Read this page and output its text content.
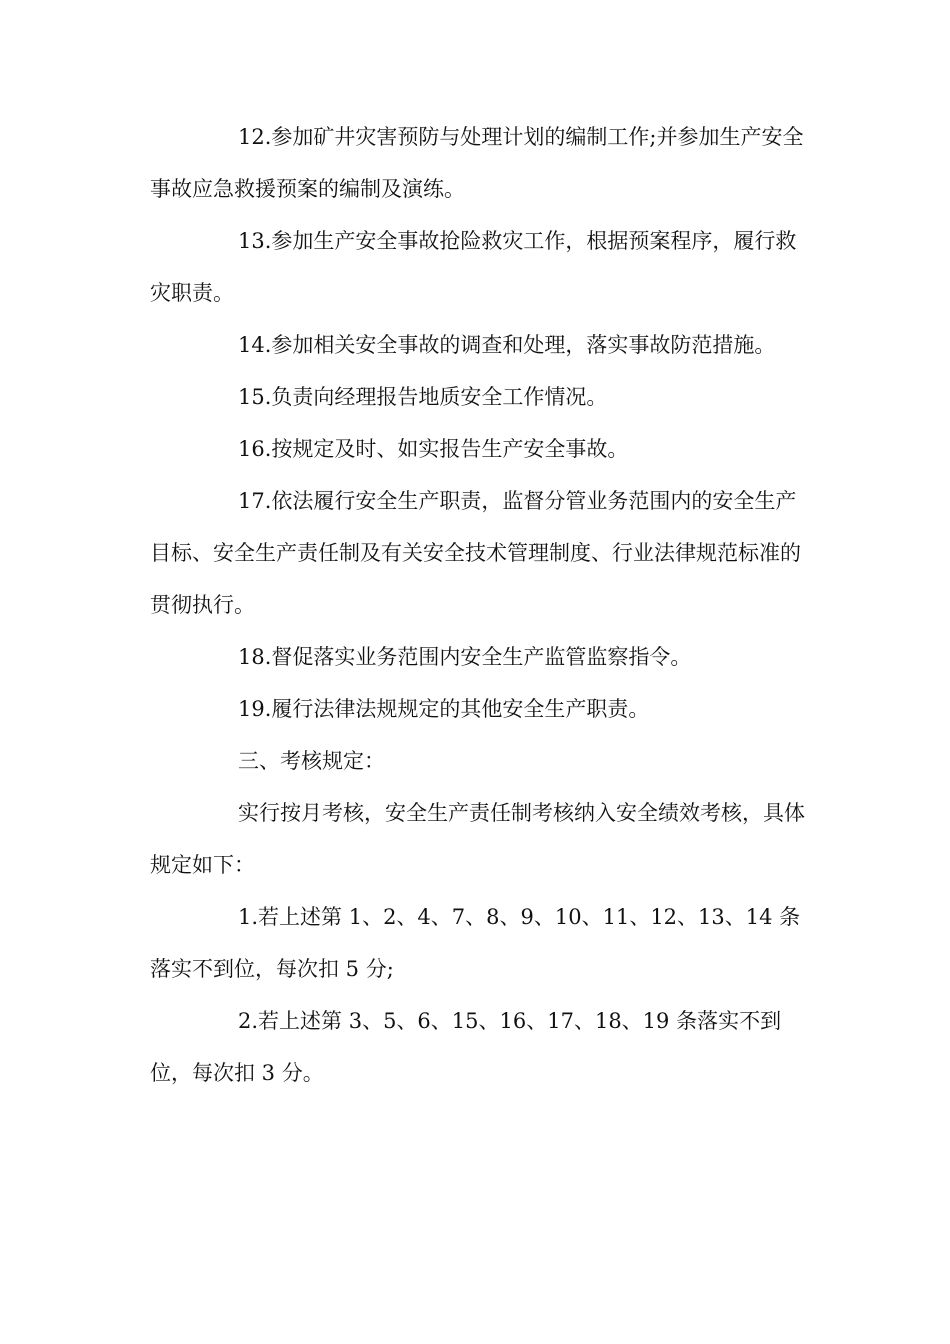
12.参加矿井灾害预防与处理计划的编制工作;并参加生产安全事故应急救援预案的编制及演练。

13.参加生产安全事故抢险救灾工作，根据预案程序，履行救灾职责。

14.参加相关安全事故的调查和处理，落实事故防范措施。

15.负责向经理报告地质安全工作情况。

16.按规定及时、如实报告生产安全事故。

17.依法履行安全生产职责，监督分管业务范围内的安全生产目标、安全生产责任制及有关安全技术管理制度、行业法律规范标准的贯彻执行。

18.督促落实业务范围内安全生产监管监察指令。

19.履行法律法规规定的其他安全生产职责。

三、考核规定：

实行按月考核，安全生产责任制考核纳入安全绩效考核，具体规定如下：

1.若上述第 1、2、4、7、8、9、10、11、12、13、14 条落实不到位，每次扣 5 分;

2.若上述第 3、5、6、15、16、17、18、19 条落实不到位，每次扣 3 分。
